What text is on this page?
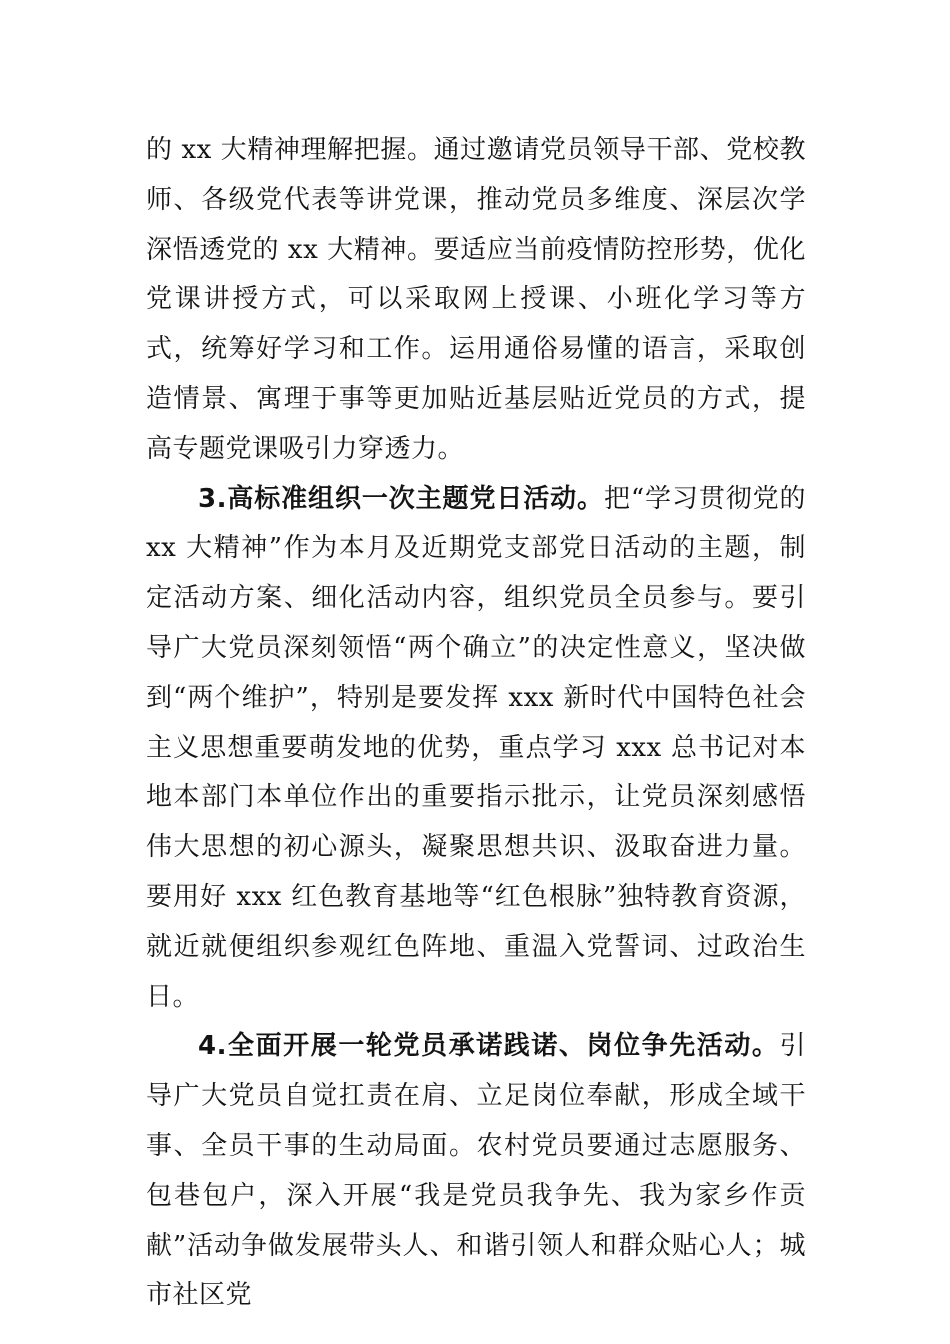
的 xx 大精神理解把握。通过邀请党员领导干部、党校教师、各级党代表等讲党课，推动党员多维度、深层次学深悟透党的 xx 大精神。要适应当前疫情防控形势，优化党课讲授方式，可以采取网上授课、小班化学习等方式，统筹好学习和工作。运用通俗易懂的语言，采取创造情景、寓理于事等更加贴近基层贴近党员的方式，提高专题党课吸引力穿透力。

3.高标准组织一次主题党日活动。把“学习贯彻党的 xx 大精神”作为本月及近期党支部党日活动的主题，制定活动方案、细化活动内容，组织党员全员参与。要引导广大党员深刻领悟“两个确立”的决定性意义，坚决做到“两个维护”，特别是要发挥 xxx 新时代中国特色社会主义思想重要萌发地的优势，重点学习 xxx 总书记对本地本部门本单位作出的重要指示批示，让党员深刻感悟伟大思想的初心源头，凝聚思想共识、汲取奋进力量。要用好 xxx 红色教育基地等“红色根脉”独特教育资源，就近就便组织参观红色阵地、重温入党誓词、过政治生日。

4.全面开展一轮党员承诺践诺、岗位争先活动。引导广大党员自觉扛责在肩、立足岗位奉献，形成全域干事、全员干事的生动局面。农村党员要通过志愿服务、包巷包户，深入开展“我是党员我争先、我为家乡作贡献”活动争做发展带头人、和谐引领人和群众贴心人；城市社区党
